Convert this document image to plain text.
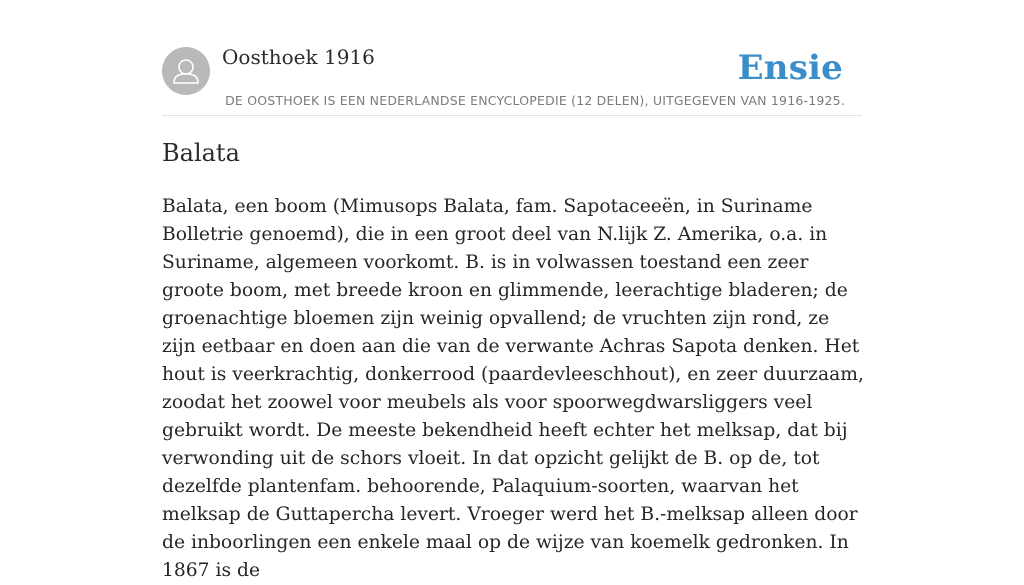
Oosthoek 1916	Ensie
DE OOSTHOEK IS EEN NEDERLANDSE ENCYCLOPEDIE (12 DELEN), UITGEGEVEN VAN 1916-1925.
Balata

Balata, een boom (Mimusops Balata, fam. Sapotaceeën, in Suriname Bolletrie genoemd), die in een groot deel van N.lijk Z. Amerika, o.a. in Suriname, algemeen voorkomt. B. is in volwassen toestand een zeer groote boom, met breede kroon en glimmende, leerachtige bladeren; de groenachtige bloemen zijn weinig opvallend; de vruchten zijn rond, ze zijn eetbaar en doen aan die van de verwante Achras Sapota denken. Het hout is veerkrachtig, donkerrood (paardevleeschhout), en zeer duurzaam, zoodat het zoowel voor meubels als voor spoorwegdwarsliggers veel gebruikt wordt. De meeste bekendheid heeft echter het melksap, dat bij verwonding uit de schors vloeit. In dat opzicht gelijkt de B. op de, tot dezelfde plantenfam. behoorende, Palaquium-soorten, waarvan het melksap de Guttapercha levert. Vroeger werd het B.-melksap alleen door de inboorlingen een enkele maal op de wijze van koemelk gedronken. In 1867 is de
